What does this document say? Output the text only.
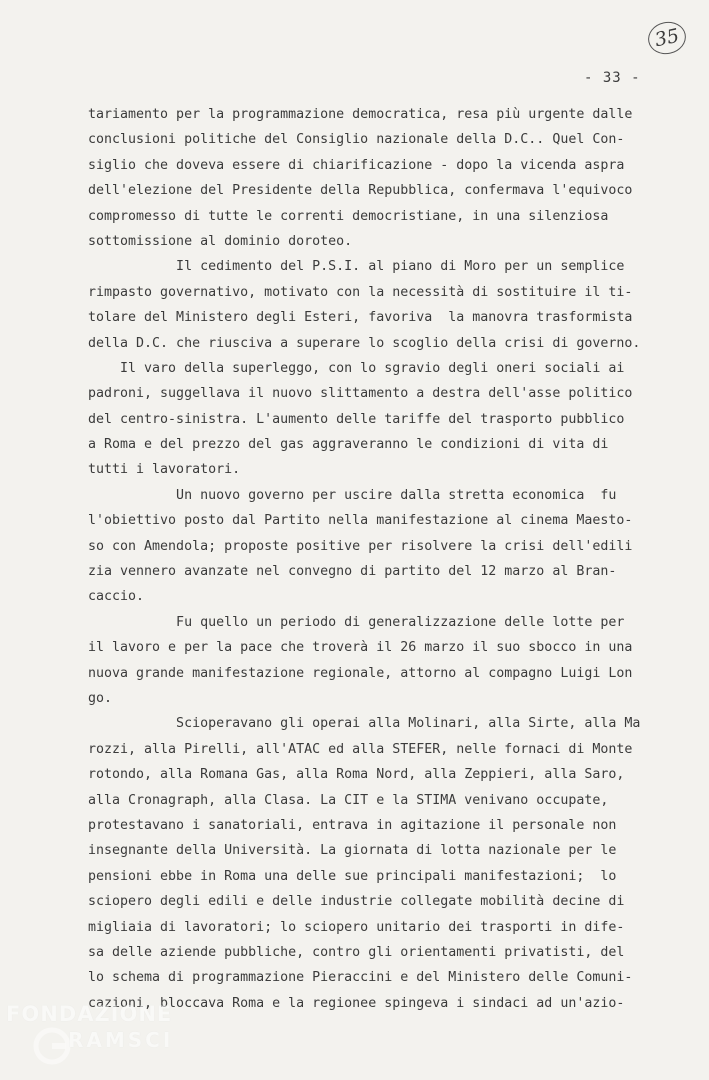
35
- 33 -
tariamento per la programmazione democratica, resa più urgente dalle
conclusioni politiche del Consiglio nazionale della D.C.. Quel Con-
siglio che doveva essere di chiarificazione - dopo la vicenda aspra
dell'elezione del Presidente della Repubblica, confermava l'equivoco
compromesso di tutte le correnti democristiane, in una silenziosa
sottomissione al dominio doroteo.
Il cedimento del P.S.I. al piano di Moro per un semplice
rimpasto governativo, motivato con la necessità di sostituire il ti-
tolare del Ministero degli Esteri, favoriva  la manovra trasformista
della D.C. che riusciva a superare lo scoglio della crisi di governo.
Il varo della superleggo, con lo sgravio degli oneri sociali ai
padroni, suggellava il nuovo slittamento a destra dell'asse politico
del centro-sinistra. L'aumento delle tariffe del trasporto pubblico
a Roma e del prezzo del gas aggraveranno le condizioni di vita di
tutti i lavoratori.
Un nuovo governo per uscire dalla stretta economica  fu
l'obiettivo posto dal Partito nella manifestazione al cinema Maesto-
so con Amendola; proposte positive per risolvere la crisi dell'edili
zia vennero avanzate nel convegno di partito del 12 marzo al Bran-
caccio.
Fu quello un periodo di generalizzazione delle lotte per
il lavoro e per la pace che troverà il 26 marzo il suo sbocco in una
nuova grande manifestazione regionale, attorno al compagno Luigi Lon
go.
Scioperavano gli operai alla Molinari, alla Sirte, alla Ma
rozzi, alla Pirelli, all'ATAC ed alla STEFER, nelle fornaci di Monte
rotondo, alla Romana Gas, alla Roma Nord, alla Zeppieri, alla Saro,
alla Cronagraph, alla Clasa. La CIT e la STIMA venivano occupate,
protestavano i sanatoriali, entrava in agitazione il personale non
insegnante della Università. La giornata di lotta nazionale per le
pensioni ebbe in Roma una delle sue principali manifestazioni;  lo
sciopero degli edili e delle industrie collegate mobilità decine di
migliaia di lavoratori; lo sciopero unitario dei trasporti in dife-
sa delle aziende pubbliche, contro gli orientamenti privatisti, del
lo schema di programmazione Pieraccini e del Ministero delle Comuni-
cazioni, bloccava Roma e la regionee spingeva i sindaci ad un'azio-
FONDAZIONE
RAMSCI
